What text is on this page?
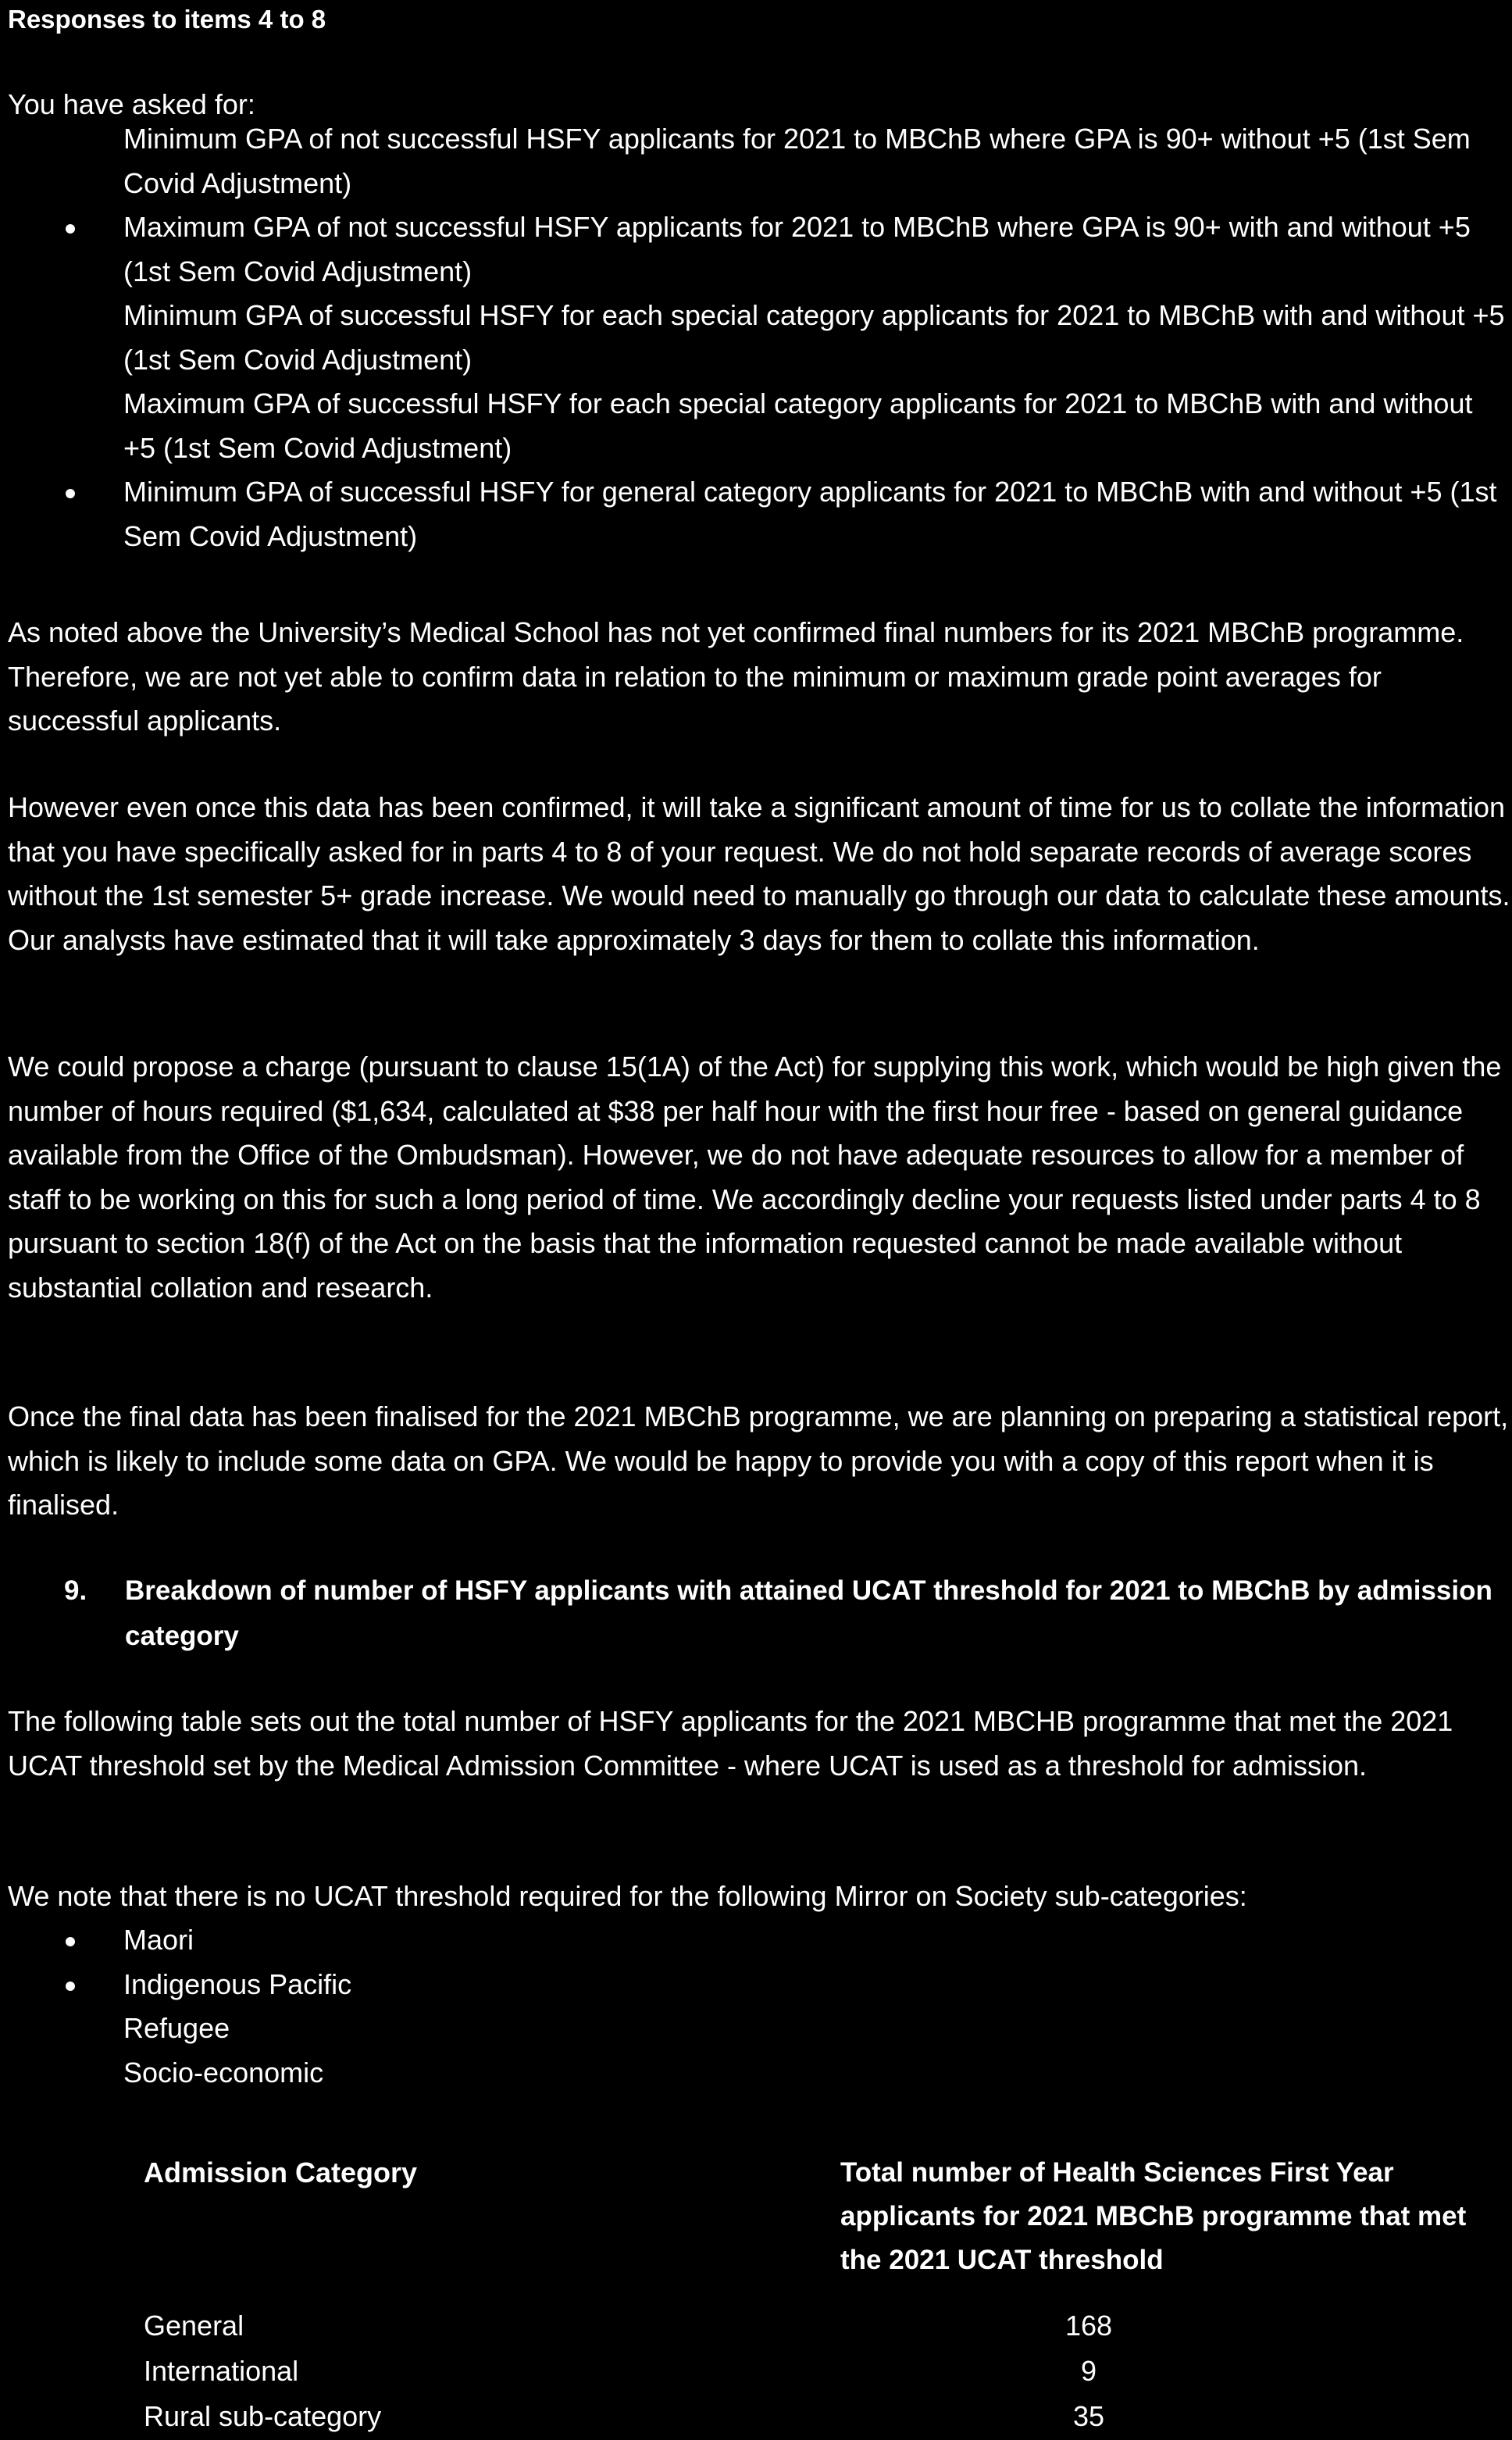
Responses to items 4 to 8

You have asked for:

Minimum GPA of not successful HSFY applicants for 2021 to MBChB where GPA is 90+ without +5 (1st Sem Covid Adjustment)
Maximum GPA of not successful HSFY applicants for 2021 to MBChB where GPA is 90+ with and without +5 (1st Sem Covid Adjustment)
Minimum GPA of successful HSFY for each special category applicants for 2021 to MBChB with and without +5 (1st Sem Covid Adjustment)
Maximum GPA of successful HSFY for each special category applicants for 2021 to MBChB with and without +5 (1st Sem Covid Adjustment)
Minimum GPA of successful HSFY for general category applicants for 2021 to MBChB with and without +5 (1st Sem Covid Adjustment)

As noted above the University’s Medical School has not yet confirmed final numbers for its 2021 MBChB programme. Therefore, we are not yet able to confirm data in relation to the minimum or maximum grade point averages for successful applicants.

However even once this data has been confirmed, it will take a significant amount of time for us to collate the information that you have specifically asked for in parts 4 to 8 of your request. We do not hold separate records of average scores without the 1st semester 5+ grade increase. We would need to manually go through our data to calculate these amounts. Our analysts have estimated that it will take approximately 3 days for them to collate this information.

We could propose a charge (pursuant to clause 15(1A) of the Act) for supplying this work, which would be high given the number of hours required ($1,634, calculated at $38 per half hour with the first hour free - based on general guidance available from the Office of the Ombudsman). However, we do not have adequate resources to allow for a member of staff to be working on this for such a long period of time. We accordingly decline your requests listed under parts 4 to 8 pursuant to section 18(f) of the Act on the basis that the information requested cannot be made available without substantial collation and research.

Once the final data has been finalised for the 2021 MBChB programme, we are planning on preparing a statistical report, which is likely to include some data on GPA. We would be happy to provide you with a copy of this report when it is finalised.

9.	Breakdown of number of HSFY applicants with attained UCAT threshold for 2021 to MBChB by admission category

The following table sets out the total number of HSFY applicants for the 2021 MBCHB programme that met the 2021 UCAT threshold set by the Medical Admission Committee - where UCAT is used as a threshold for admission.

We note that there is no UCAT threshold required for the following Mirror on Society sub-categories:

Maori
Indigenous Pacific
Refugee
Socio-economic
Admission Category	Total number of Health Sciences First Year applicants for 2021 MBChB programme that met the 2021 UCAT threshold
General	168
International	9
Rural sub-category	35
